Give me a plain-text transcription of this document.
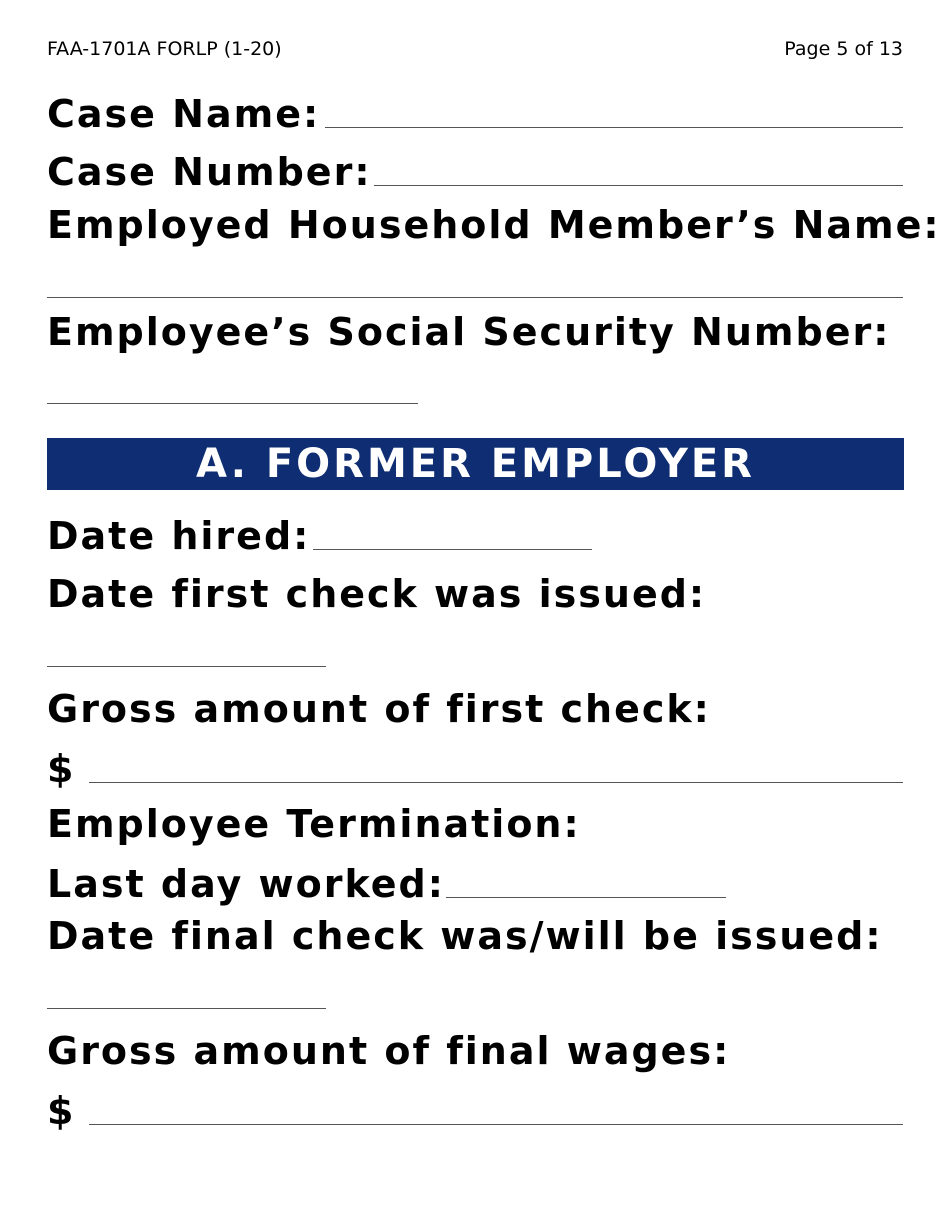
FAA-1701A FORLP (1-20)	Page 5 of 13
Case Name:
Case Number:
Employed Household Member’s Name:
Employee’s Social Security Number:
A. FORMER EMPLOYER
Date hired:
Date first check was issued:
Gross amount of first check:
$
Employee Termination:
Last day worked:
Date final check was/will be issued:
Gross amount of final wages:
$
